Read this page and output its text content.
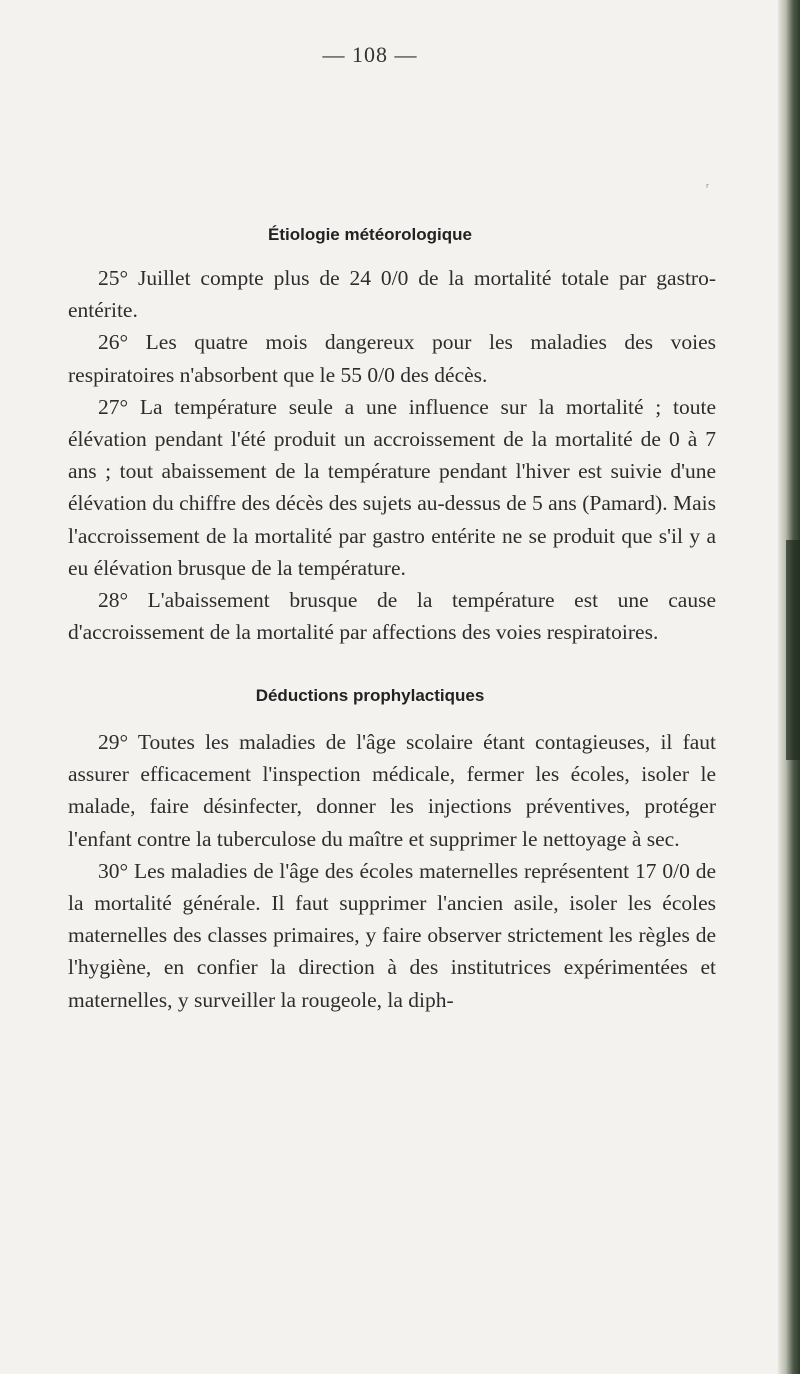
— 108 —
ʳ
Étiologie météorologique

25° Juillet compte plus de 24 0/0 de la mortalité totale par gastro-entérite.

26° Les quatre mois dangereux pour les maladies des voies respiratoires n'absorbent que le 55 0/0 des décès.

27° La température seule a une influence sur la mortalité ; toute élévation pendant l'été produit un accroissement de la mortalité de 0 à 7 ans ; tout abaissement de la température pendant l'hiver est suivie d'une élévation du chiffre des décès des sujets au-dessus de 5 ans (Pamard). Mais l'accroissement de la mortalité par gastro entérite ne se produit que s'il y a eu élévation brusque de la température.

28° L'abaissement brusque de la température est une cause d'accroissement de la mortalité par affections des voies respiratoires.

Déductions prophylactiques

29° Toutes les maladies de l'âge scolaire étant contagieuses, il faut assurer efficacement l'inspection médicale, fermer les écoles, isoler le malade, faire désinfecter, donner les injections préventives, protéger l'enfant contre la tuberculose du maître et supprimer le nettoyage à sec.

30° Les maladies de l'âge des écoles maternelles représentent 17 0/0 de la mortalité générale. Il faut supprimer l'ancien asile, isoler les écoles maternelles des classes primaires, y faire observer strictement les règles de l'hygiène, en confier la direction à des institutrices expérimentées et maternelles, y surveiller la rougeole, la diph-
